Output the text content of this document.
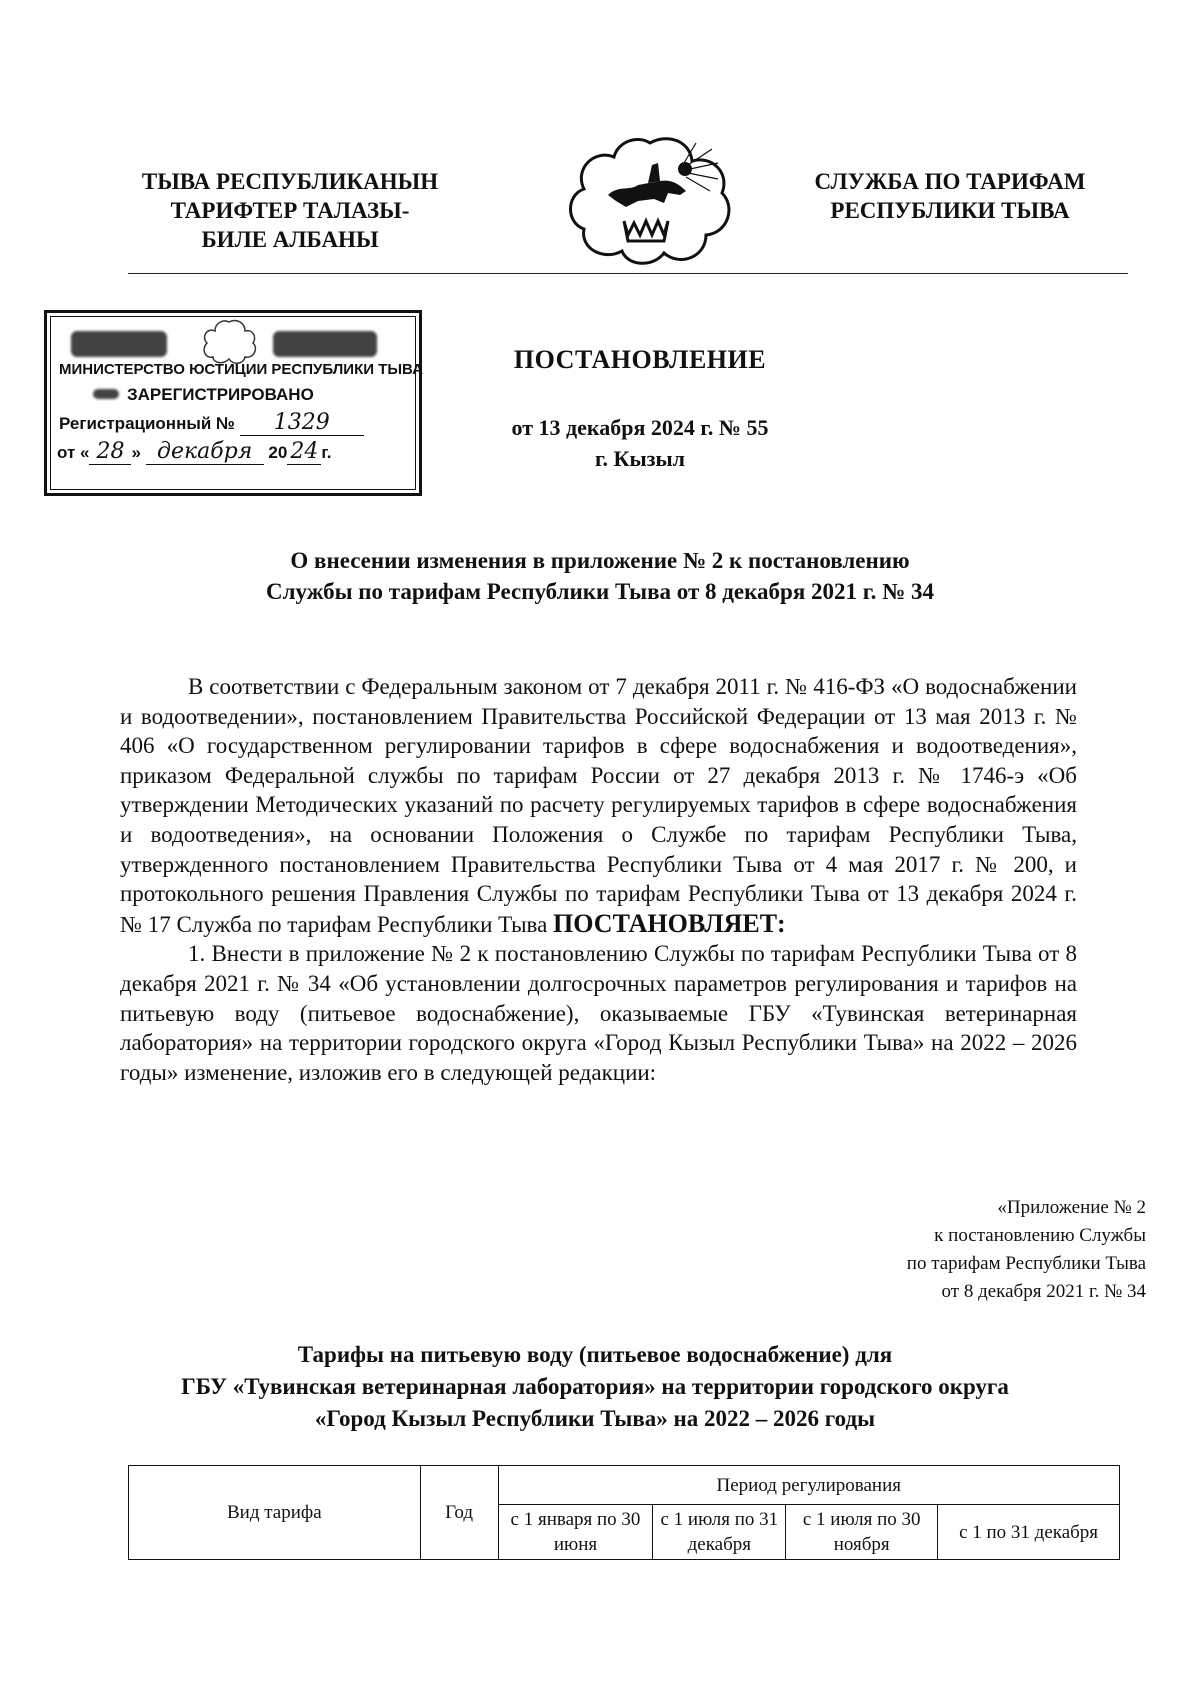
ТЫВА РЕСПУБЛИКАНЫН
ТАРИФТЕР ТАЛАЗЫ-
БИЛЕ АЛБАНЫ
СЛУЖБА ПО ТАРИФАМ
РЕСПУБЛИКИ ТЫВА
МИНИСТЕРСТВО ЮСТИЦИИ РЕСПУБЛИКИ ТЫВА
ЗАРЕГИСТРИРОВАНО
Регистрационный № 1329
от « 28 » декабря 20 24 г.
ПОСТАНОВЛЕНИЕ
от 13 декабря 2024 г. № 55
г. Кызыл
О внесении изменения в приложение № 2 к постановлению
Службы по тарифам Республики Тыва от 8 декабря 2021 г. № 34

В соответствии с Федеральным законом от 7 декабря 2011 г. № 416-ФЗ «О водоснабжении и водоотведении», постановлением Правительства Российской Федерации от 13 мая 2013 г. № 406 «О государственном регулировании тарифов в сфере водоснабжения и водоотведения», приказом Федеральной службы по тарифам России от 27 декабря 2013 г. № 1746-э «Об утверждении Методических указаний по расчету регулируемых тарифов в сфере водоснабжения и водоотведения», на основании Положения о Службе по тарифам Республики Тыва, утвержденного постановлением Правительства Республики Тыва от 4 мая 2017 г. № 200, и протокольного решения Правления Службы по тарифам Республики Тыва от 13 декабря 2024 г. № 17 Служба по тарифам Республики Тыва ПОСТАНОВЛЯЕТ:

1. Внести в приложение № 2 к постановлению Службы по тарифам Республики Тыва от 8 декабря 2021 г. № 34 «Об установлении долгосрочных параметров регулирования и тарифов на питьевую воду (питьевое водоснабжение), оказываемые ГБУ «Тувинская ветеринарная лаборатория» на территории городского округа «Город Кызыл Республики Тыва» на 2022 – 2026 годы» изменение, изложив его в следующей редакции:

«Приложение № 2
к постановлению Службы
по тарифам Республики Тыва
от 8 декабря 2021 г. № 34
Тарифы на питьевую воду (питьевое водоснабжение) для
ГБУ «Тувинская ветеринарная лаборатория» на территории городского округа
«Город Кызыл Республики Тыва» на 2022 – 2026 годы
Вид тарифа	Год	Период регулирования			
		с 1 января по 30 июня	с 1 июля по 31 декабря	с 1 июля по 30 ноября	с 1 по 31 декабря
